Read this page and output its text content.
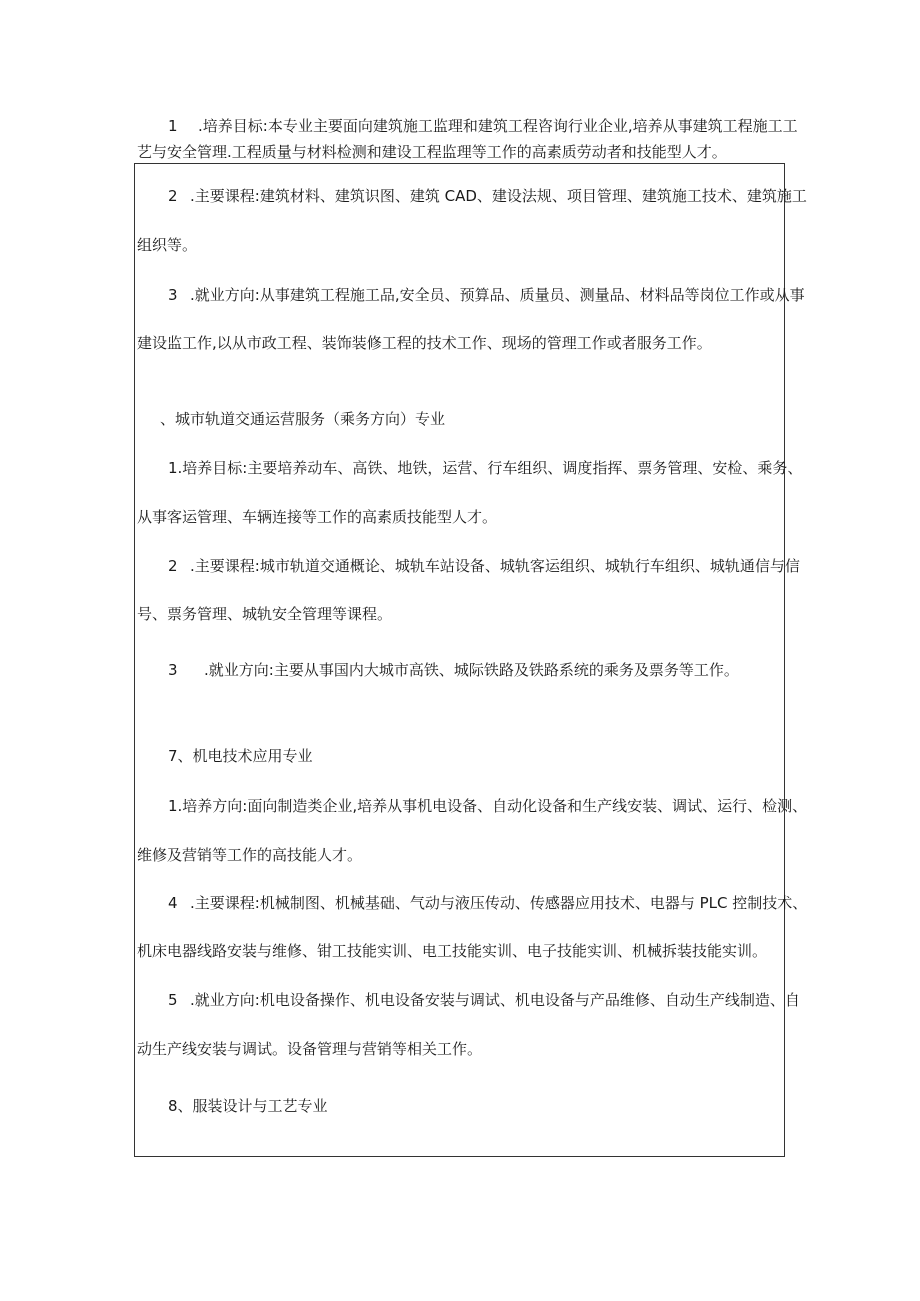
1 .培养目标:本专业主要面向建筑施工监理和建筑工程咨询行业企业,培养从事建筑工程施工工
艺与安全管理.工程质量与材料检测和建设工程监理等工作的高素质劳动者和技能型人才。
2 .主要课程:建筑材料、建筑识图、建筑 CAD、建设法规、项目管理、建筑施工技术、建筑施工
组织等。
3 .就业方向:从事建筑工程施工品,安全员、预算品、质量员、测量品、材料品等岗位工作或从事
建设监工作,以从市政工程、装饰装修工程的技术工作、现场的管理工作或者服务工作。
、城市轨道交通运营服务（乘务方向）专业
1.培养目标:主要培养动车、高铁、地铁，运营、行车组织、调度指挥、票务管理、安检、乘务、
从事客运管理、车辆连接等工作的高素质技能型人才。
2 .主要课程:城市轨道交通概论、城轨车站设备、城轨客运组织、城轨行车组织、城轨通信与信
号、票务管理、城轨安全管理等课程。
3 .就业方向:主要从事国内大城市高铁、城际铁路及铁路系统的乘务及票务等工作。
7、机电技术应用专业
1.培养方向:面向制造类企业,培养从事机电设备、自动化设备和生产线安装、调试、运行、检测、
维修及营销等工作的高技能人才。
4 .主要课程:机械制图、机械基础、气动与液压传动、传感器应用技术、电器与 PLC 控制技术、
机床电器线路安装与维修、钳工技能实训、电工技能实训、电子技能实训、机械拆装技能实训。
5 .就业方向:机电设备操作、机电设备安装与调试、机电设备与产品维修、自动生产线制造、自
动生产线安装与调试。设备管理与营销等相关工作。
8、服装设计与工艺专业
